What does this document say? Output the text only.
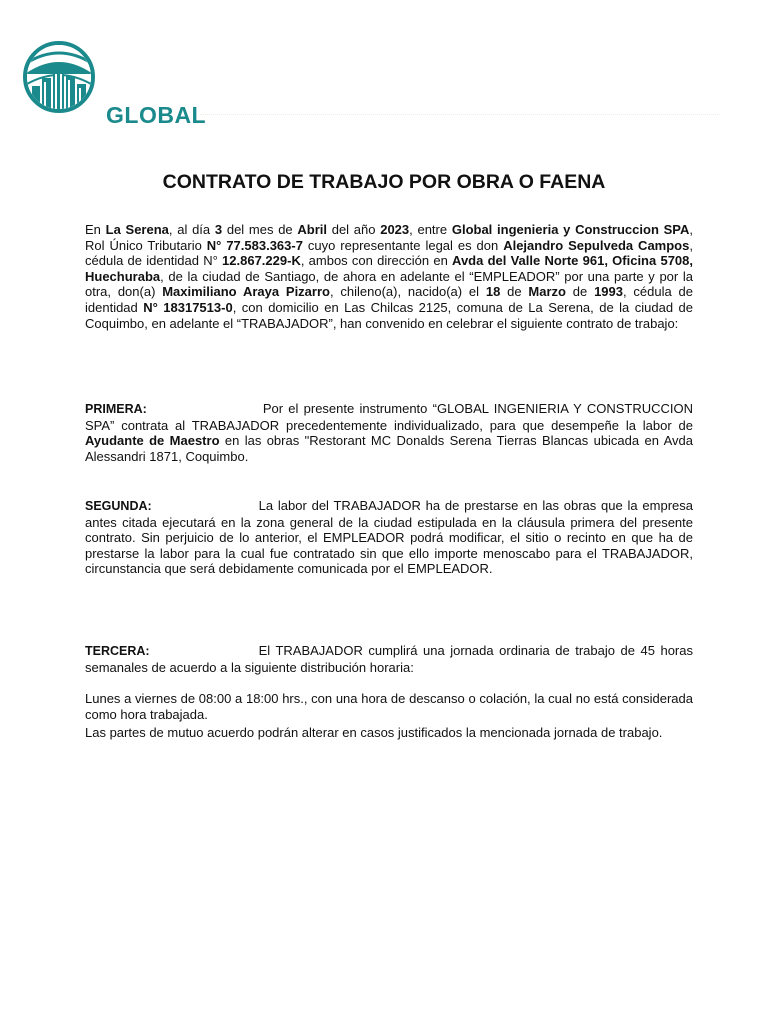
GLOBAL
CONTRATO DE TRABAJO POR OBRA O FAENA
En La Serena, al día 3 del mes de Abril del año 2023, entre Global ingenieria y Construccion SPA, Rol Único Tributario N° 77.583.363-7 cuyo representante legal es don Alejandro Sepulveda Campos, cédula de identidad N° 12.867.229-K, ambos con dirección en Avda del Valle Norte 961, Oficina 5708, Huechuraba, de la ciudad de Santiago, de ahora en adelante el “EMPLEADOR” por una parte y por la otra, don(a) Maximiliano Araya Pizarro, chileno(a), nacido(a) el 18 de Marzo de 1993, cédula de identidad N° 18317513-0, con domicilio en Las Chilcas 2125, comuna de La Serena, de la ciudad de Coquimbo, en adelante el “TRABAJADOR”, han convenido en celebrar el siguiente contrato de trabajo:
PRIMERA:	Por el presente instrumento “GLOBAL INGENIERIA Y CONSTRUCCION SPA” contrata al TRABAJADOR precedentemente individualizado, para que desempeñe la labor de Ayudante de Maestro en las obras "Restorant MC Donalds Serena Tierras Blancas ubicada en Avda Alessandri 1871, Coquimbo.
SEGUNDA:	La labor del TRABAJADOR ha de prestarse en las obras que la empresa antes citada ejecutará en la zona general de la ciudad estipulada en la cláusula primera del presente contrato. Sin perjuicio de lo anterior, el EMPLEADOR podrá modificar, el sitio o recinto en que ha de prestarse la labor para la cual fue contratado sin que ello importe menoscabo para el TRABAJADOR, circunstancia que será debidamente comunicada por el EMPLEADOR.
TERCERA:	El TRABAJADOR cumplirá una jornada ordinaria de trabajo de 45 horas semanales de acuerdo a la siguiente distribución horaria:
Lunes a viernes de 08:00 a 18:00 hrs., con una hora de descanso o colación, la cual no está considerada como hora trabajada.
Las partes de mutuo acuerdo podrán alterar en casos justificados la mencionada jornada de trabajo.
